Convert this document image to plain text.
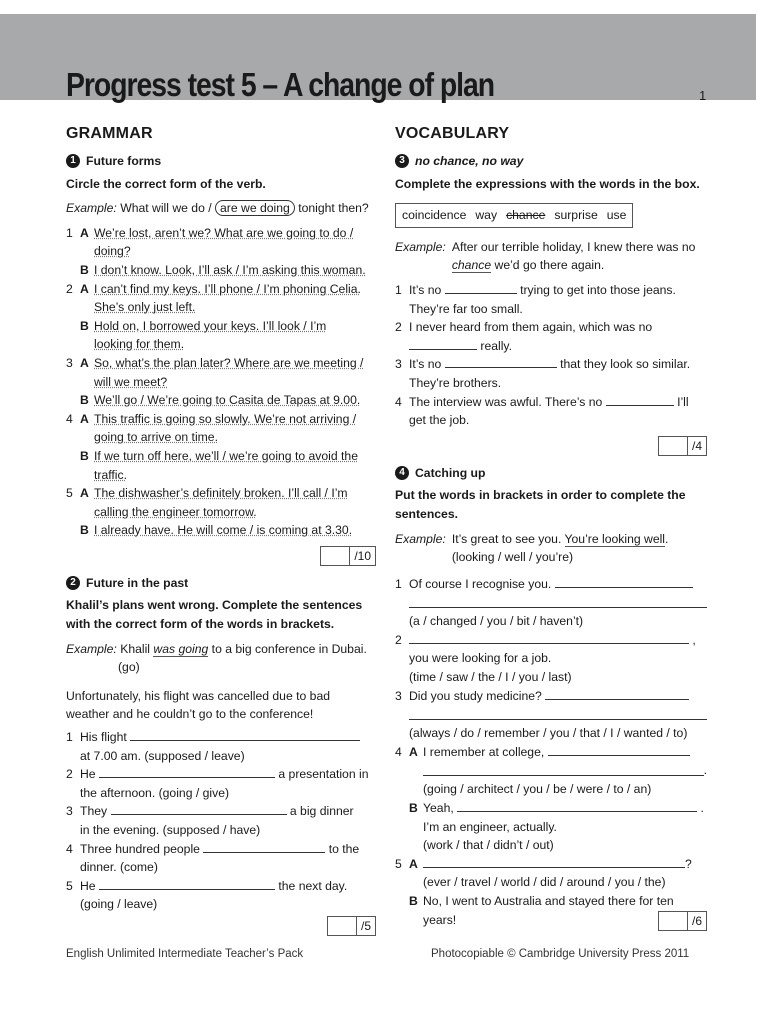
Progress test 5 – A change of plan	1
GRAMMAR
1 Future forms
Circle the correct form of the verb.
Example: What will we do / are we doing tonight then?
1 A We’re lost, aren’t we? What are we going to do /
doing?
B I don’t know. Look, I’ll ask / I’m asking this woman.
2 A I can’t find my keys. I’ll phone / I’m phoning Celia.
She’s only just left.
B Hold on, I borrowed your keys. I’ll look / I’m
looking for them.
3 A So, what’s the plan later? Where are we meeting /
will we meet?
B We’ll go / We’re going to Casita de Tapas at 9.00.
4 A This traffic is going so slowly. We’re not arriving /
going to arrive on time.
B If we turn off here, we’ll / we’re going to avoid the
traffic.
5 A The dishwasher’s definitely broken. I’ll call / I’m
calling the engineer tomorrow.
B I already have. He will come / is coming at 3.30.
/10
2 Future in the past
Khalil’s plans went wrong. Complete the sentences with the correct form of the words in brackets.
Example: Khalil was going to a big conference in Dubai.
(go)
Unfortunately, his flight was cancelled due to bad weather and he couldn’t go to the conference!
1 His flight
at 7.00 am. (supposed / leave)
2 He	a presentation in
the afternoon. (going / give)
3 They	a big dinner
in the evening. (supposed / have)
4 Three hundred people	to the
dinner. (come)
5 He	the next day.
(going / leave)
/5
VOCABULARY
3 no chance, no way
Complete the expressions with the words in the box.
coincidence way chance surprise use
Example: After our terrible holiday, I knew there was no
chance we’d go there again.
1 It’s no	trying to get into those jeans.
They’re far too small.
2 I never heard from them again, which was no
really.
3 It’s no	that they look so similar.
They’re brothers.
4 The interview was awful. There’s no	I’ll
get the job.
/4
4 Catching up
Put the words in brackets in order to complete the sentences.
Example: It’s great to see you. You’re looking well.
(looking / well / you’re)
1 Of course I recognise you.
(a / changed / you / bit / haven’t)
2	,
you were looking for a job.
(time / saw / the / I / you / last)
3 Did you study medicine?
(always / do / remember / you / that / I / wanted / to)
4 A I remember at college,
.
(going / architect / you / be / were / to / an)
B Yeah,	.
I’m an engineer, actually.
(work / that / didn’t / out)
5 A	?
(ever / travel / world / did / around / you / the)
B No, I went to Australia and stayed there for ten
years!	/6
English Unlimited Intermediate Teacher’s Pack	Photocopiable © Cambridge University Press 2011
